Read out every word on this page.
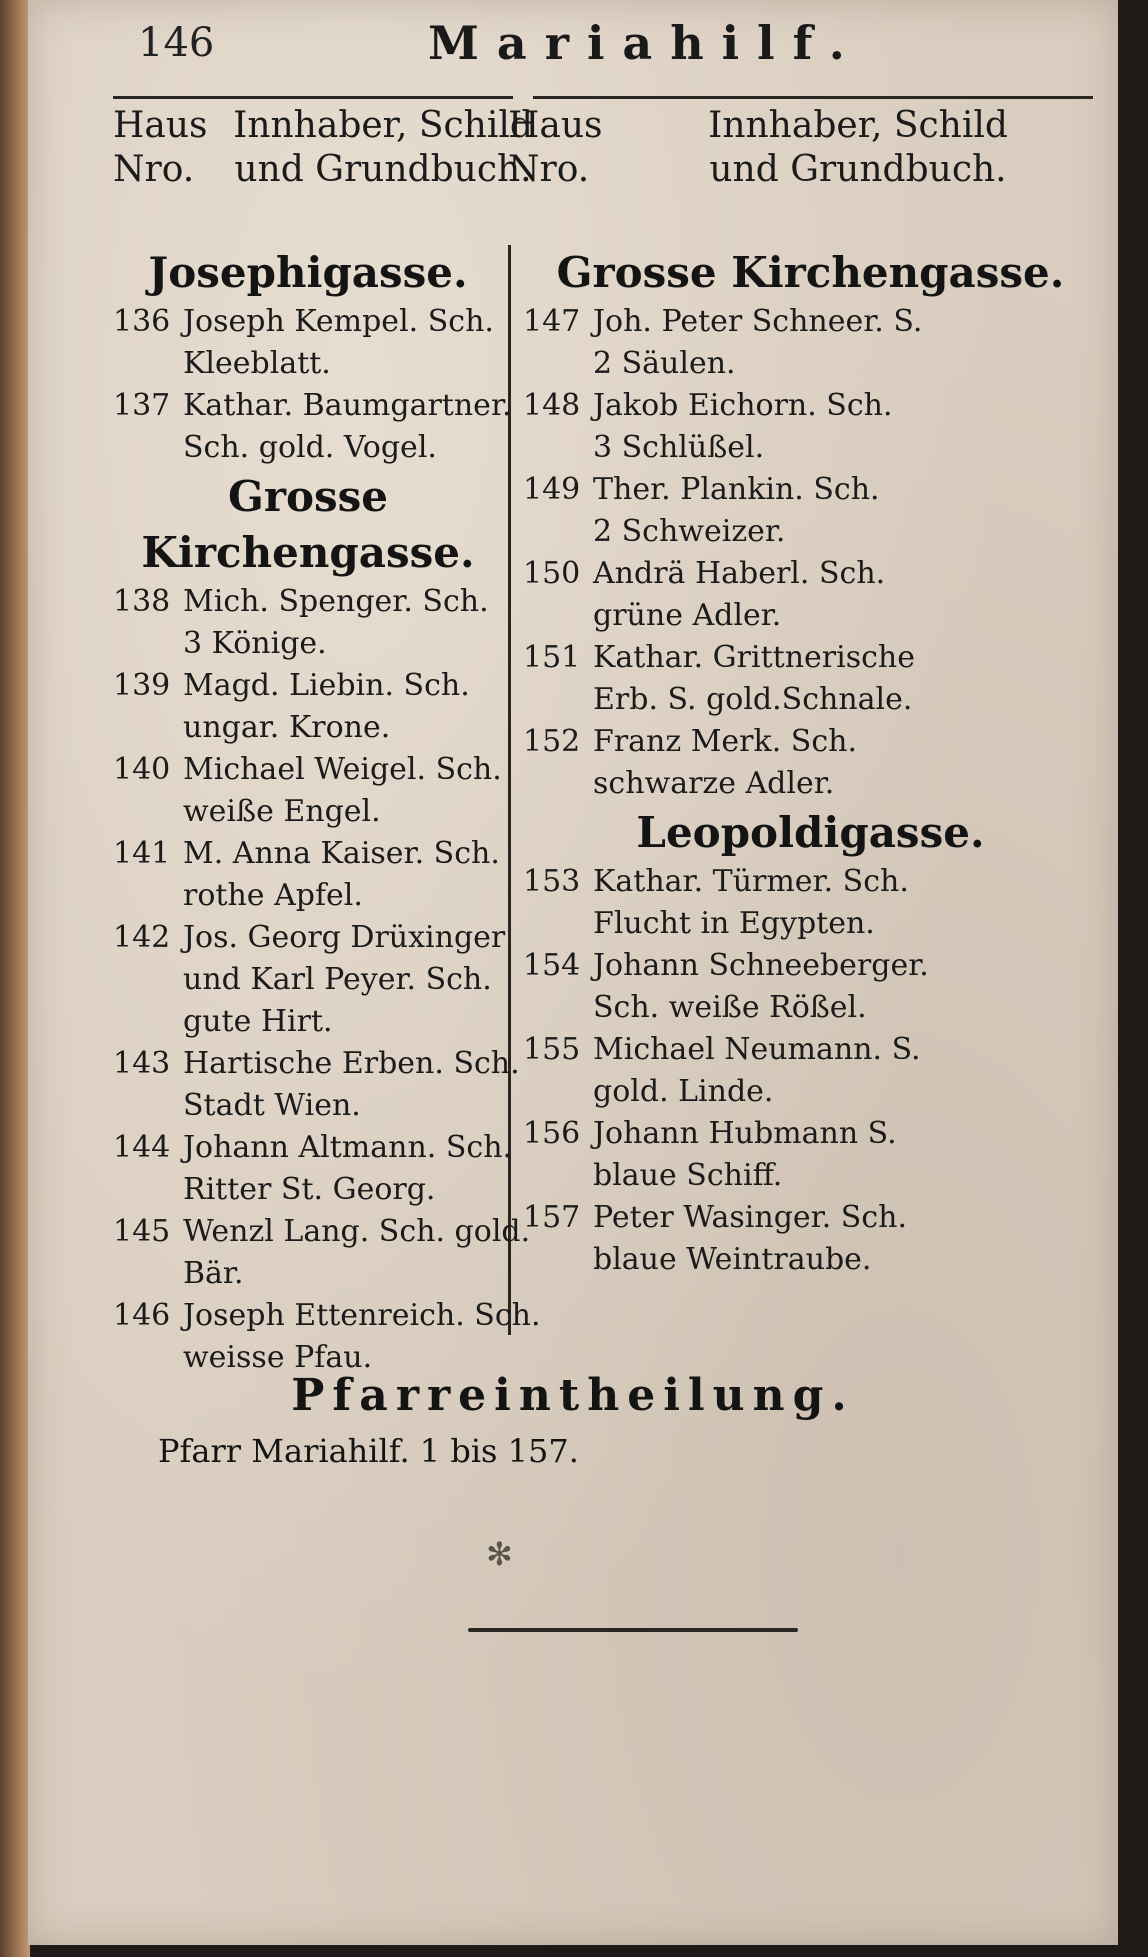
146	Mariahilf.
Haus
Nro.
Innhaber, Schild
und Grundbuch.
Haus
Nro.
Innhaber, Schild
und Grundbuch.
Josephigasse.
136 Joseph Kempel. Sch.
Kleeblatt.
137 Kathar. Baumgartner.
Sch. gold. Vogel.
Grosse Kirchengasse.
138 Mich. Spenger. Sch.
3 Könige.
139 Magd. Liebin. Sch.
ungar. Krone.
140 Michael Weigel. Sch.
weiße Engel.
141 M. Anna Kaiser. Sch.
rothe Apfel.
142 Jos. Georg Drüxinger
und Karl Peyer. Sch.
gute Hirt.
143 Hartische Erben. Sch.
Stadt Wien.
144 Johann Altmann. Sch.
Ritter St. Georg.
145 Wenzl Lang. Sch. gold.
Bär.
146 Joseph Ettenreich. Sch.
weisse Pfau.
Grosse Kirchengasse.
147 Joh. Peter Schneer. S.
2 Säulen.
148 Jakob Eichorn. Sch.
3 Schlüßel.
149 Ther. Plankin. Sch.
2 Schweizer.
150 Andrä Haberl. Sch.
grüne Adler.
151 Kathar. Grittnerische
Erb. S. gold.Schnale.
152 Franz Merk. Sch.
schwarze Adler.
Leopoldigasse.
153 Kathar. Türmer. Sch.
Flucht in Egypten.
154 Johann Schneeberger.
Sch. weiße Rößel.
155 Michael Neumann. S.
gold. Linde.
156 Johann Hubmann S.
blaue Schiff.
157 Peter Wasinger. Sch.
blaue Weintraube.
Pfarreintheilung.
Pfarr Mariahilf. 1 bis 157.
✻
